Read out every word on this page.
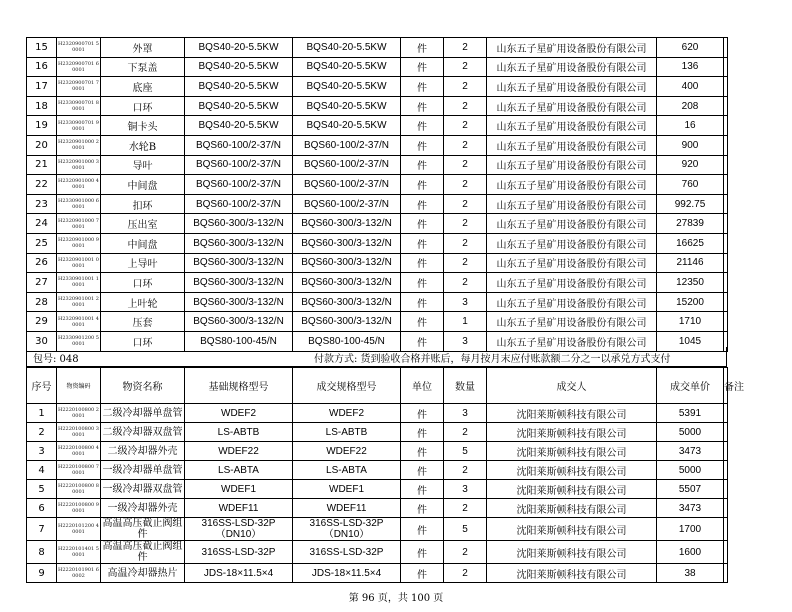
15	H2320900701 50001	外罩	BQS40-20-5.5KW	BQS40-20-5.5KW	件	2	山东五子星矿用设备股份有限公司	620	
16	H2320900701 60001	下泵盖	BQS40-20-5.5KW	BQS40-20-5.5KW	件	2	山东五子星矿用设备股份有限公司	136	
17	H2320900701 70001	底座	BQS40-20-5.5KW	BQS40-20-5.5KW	件	2	山东五子星矿用设备股份有限公司	400	
18	H2330900701 80001	口环	BQS40-20-5.5KW	BQS40-20-5.5KW	件	2	山东五子星矿用设备股份有限公司	208	
19	H2330900701 90001	铜卡头	BQS40-20-5.5KW	BQS40-20-5.5KW	件	2	山东五子星矿用设备股份有限公司	16	
20	H2320901000 20001	水轮B	BQS60-100/2-37/N	BQS60-100/2-37/N	件	2	山东五子星矿用设备股份有限公司	900	
21	H2320901000 30001	导叶	BQS60-100/2-37/N	BQS60-100/2-37/N	件	2	山东五子星矿用设备股份有限公司	920	
22	H2320901000 40001	中间盘	BQS60-100/2-37/N	BQS60-100/2-37/N	件	2	山东五子星矿用设备股份有限公司	760	
23	H2330901000 60001	扣环	BQS60-100/2-37/N	BQS60-100/2-37/N	件	2	山东五子星矿用设备股份有限公司	992.75	
24	H2320901000 70001	压出室	BQS60-300/3-132/N	BQS60-300/3-132/N	件	2	山东五子星矿用设备股份有限公司	27839	
25	H2320901000 90001	中间盘	BQS60-300/3-132/N	BQS60-300/3-132/N	件	2	山东五子星矿用设备股份有限公司	16625	
26	H2320901001 00001	上导叶	BQS60-300/3-132/N	BQS60-300/3-132/N	件	2	山东五子星矿用设备股份有限公司	21146	
27	H2330901001 10001	口环	BQS60-300/3-132/N	BQS60-300/3-132/N	件	2	山东五子星矿用设备股份有限公司	12350	
28	H2320901001 20001	上叶轮	BQS60-300/3-132/N	BQS60-300/3-132/N	件	3	山东五子星矿用设备股份有限公司	15200	
29	H2320901001 40001	压套	BQS60-300/3-132/N	BQS60-300/3-132/N	件	1	山东五子星矿用设备股份有限公司	1710	
30	H2330901200 50001	口环	BQS80-100-45/N	BQS80-100-45/N	件	3	山东五子星矿用设备股份有限公司	1045	
包号: 048	付款方式: 货到验收合格并账后，每月按月末应付账款额二分之一以承兑方式支付
序号	物资编码	物资名称	基础规格型号	成交规格型号	单位	数量	成交人	成交单价	备注
1	H2220100800 20001	二级冷却器单盘管	WDEF2	WDEF2	件	3	沈阳莱斯顿科技有限公司	5391	
2	H2220100800 30001	二级冷却器双盘管	LS-ABTB	LS-ABTB	件	2	沈阳莱斯顿科技有限公司	5000	
3	H2220100800 40001	二级冷却器外壳	WDEF22	WDEF22	件	5	沈阳莱斯顿科技有限公司	3473	
4	H2220100800 70001	一级冷却器单盘管	LS-ABTA	LS-ABTA	件	2	沈阳莱斯顿科技有限公司	5000	
5	H2220100800 80001	一级冷却器双盘管	WDEF1	WDEF1	件	3	沈阳莱斯顿科技有限公司	5507	
6	H2220100800 90001	一级冷却器外壳	WDEF11	WDEF11	件	2	沈阳莱斯顿科技有限公司	3473	
7	H2220101200 40001	高温高压截止阀组件	316SS-LSD-32P（DN10）	316SS-LSD-32P（DN10）	件	5	沈阳莱斯顿科技有限公司	1700	
8	H2220101401 50001	高温高压截止阀组件	316SS-LSD-32P	316SS-LSD-32P	件	2	沈阳莱斯顿科技有限公司	1600	
9	H2220101901 60002	高温冷却器热片	JDS-18×11.5×4	JDS-18×11.5×4	件	2	沈阳莱斯顿科技有限公司	38	
第 96 页，共 100 页
